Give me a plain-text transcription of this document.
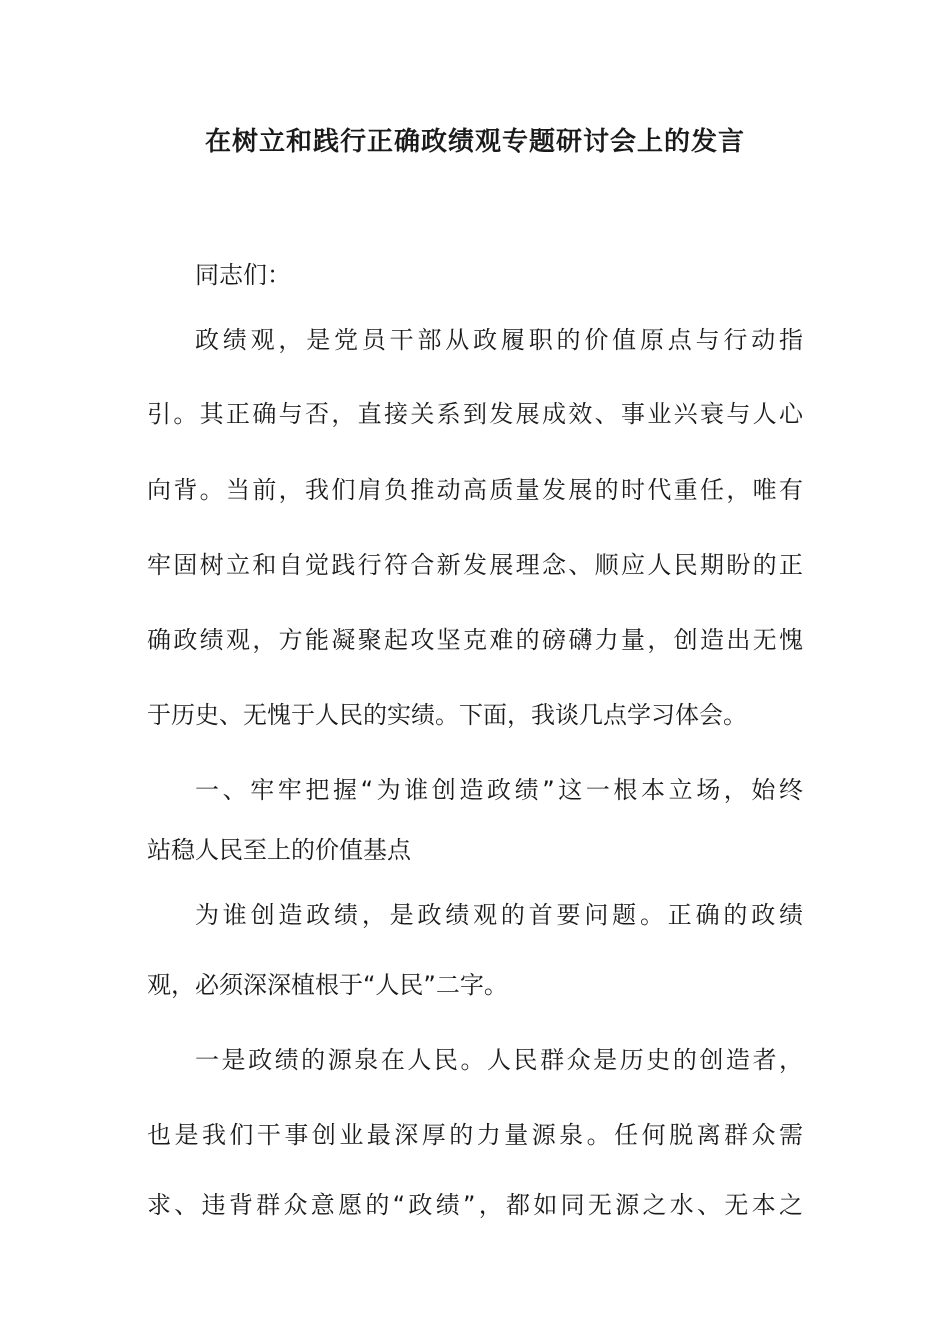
在树立和践行正确政绩观专题研讨会上的发言
同志们：
政绩观，是党员干部从政履职的价值原点与行动指
引。其正确与否，直接关系到发展成效、事业兴衰与人心
向背。当前，我们肩负推动高质量发展的时代重任，唯有
牢固树立和自觉践行符合新发展理念、顺应人民期盼的正
确政绩观，方能凝聚起攻坚克难的磅礴力量，创造出无愧
于历史、无愧于人民的实绩。下面，我谈几点学习体会。
一、牢牢把握“为谁创造政绩”这一根本立场，始终
站稳人民至上的价值基点
为谁创造政绩，是政绩观的首要问题。正确的政绩
观，必须深深植根于“人民”二字。
一是政绩的源泉在人民。人民群众是历史的创造者，
也是我们干事创业最深厚的力量源泉。任何脱离群众需
求、违背群众意愿的“政绩”，都如同无源之水、无本之
